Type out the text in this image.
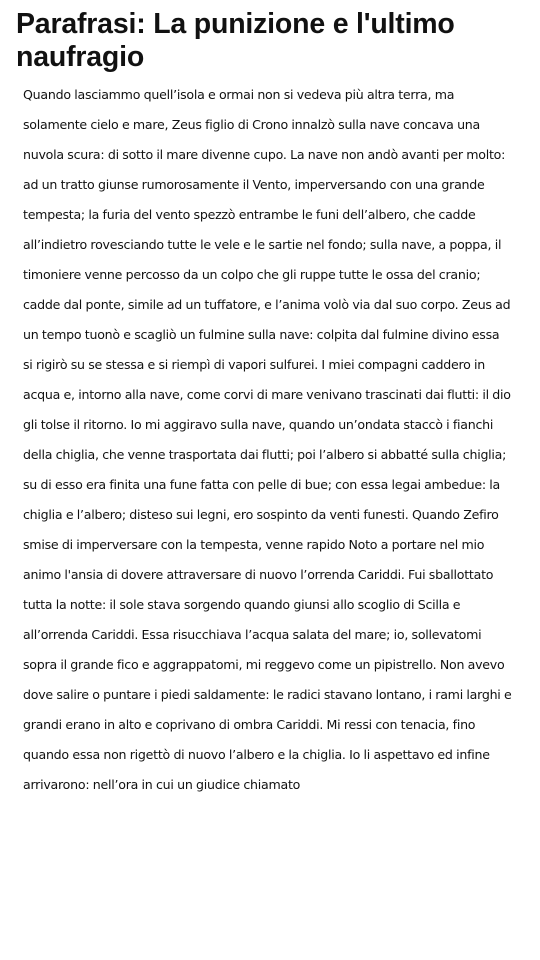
Parafrasi: La punizione e l'ultimo naufragio
Quando lasciammo quell’isola e ormai non si vedeva più altra terra, ma
solamente cielo e mare, Zeus figlio di Crono innalzò sulla nave concava una
nuvola scura: di sotto il mare divenne cupo. La nave non andò avanti per molto:
ad un tratto giunse rumorosamente il Vento, imperversando con una grande
tempesta; la furia del vento spezzò entrambe le funi dell’albero, che cadde
all’indietro rovesciando tutte le vele e le sartie nel fondo; sulla nave, a poppa, il
timoniere venne percosso da un colpo che gli ruppe tutte le ossa del cranio;
cadde dal ponte, simile ad un tuffatore, e l’anima volò via dal suo corpo. Zeus ad
un tempo tuonò e scagliò un fulmine sulla nave: colpita dal fulmine divino essa
si rigirò su se stessa e si riempì di vapori sulfurei. I miei compagni caddero in
acqua e, intorno alla nave, come corvi di mare venivano trascinati dai flutti: il dio
gli tolse il ritorno. Io mi aggiravo sulla nave, quando un’ondata staccò i fianchi
della chiglia, che venne trasportata dai flutti; poi l’albero si abbatté sulla chiglia;
su di esso era finita una fune fatta con pelle di bue; con essa legai ambedue: la
chiglia e l’albero; disteso sui legni, ero sospinto da venti funesti. Quando Zefiro
smise di imperversare con la tempesta, venne rapido Noto a portare nel mio
animo l'ansia di dovere attraversare di nuovo l’orrenda Cariddi. Fui sballottato
tutta la notte: il sole stava sorgendo quando giunsi allo scoglio di Scilla e
all’orrenda Cariddi. Essa risucchiava l’acqua salata del mare; io, sollevatomi
sopra il grande fico e aggrappatomi, mi reggevo come un pipistrello. Non avevo
dove salire o puntare i piedi saldamente: le radici stavano lontano, i rami larghi e
grandi erano in alto e coprivano di ombra Cariddi. Mi ressi con tenacia, fino
quando essa non rigettò di nuovo l’albero e la chiglia. Io li aspettavo ed infine
arrivarono: nell’ora in cui un giudice chiamato
